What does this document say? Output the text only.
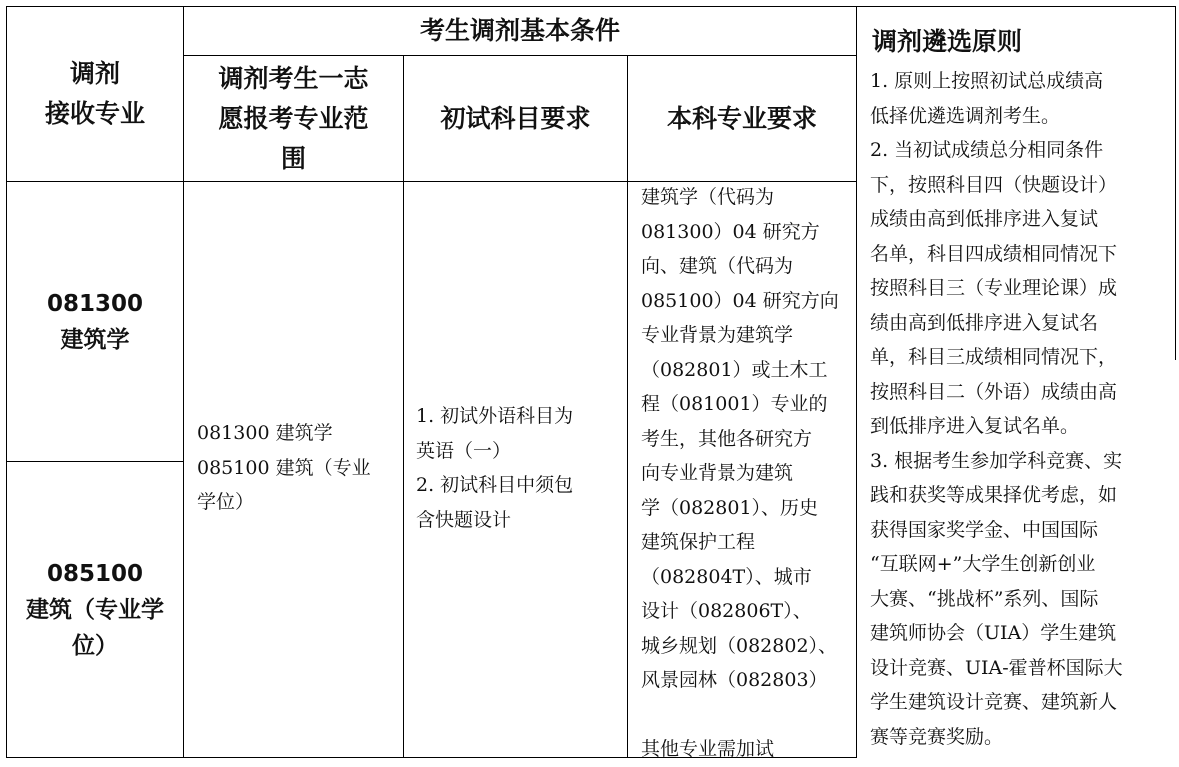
调剂
接收专业
考生调剂基本条件
调剂考生一志
愿报考专业范
围
初试科目要求	本科专业要求
081300
建筑学
085100
建筑（专业学
位）
081300 建筑学
085100 建筑（专业
学位）
1. 初试外语科目为
英语（一）
2. 初试科目中须包
含快题设计
建筑学（代码为
081300）04 研究方
向、建筑（代码为
085100）04 研究方向
专业背景为建筑学
（082801）或土木工
程（081001）专业的
考生，其他各研究方
向专业背景为建筑
学（082801）、历史
建筑保护工程
（082804T）、城市
设计（082806T）、
城乡规划（082802）、
风景园林（082803）
其他专业需加试
调剂遴选原则
1. 原则上按照初试总成绩高
低择优遴选调剂考生。
2. 当初试成绩总分相同条件
下，按照科目四（快题设计）
成绩由高到低排序进入复试
名单，科目四成绩相同情况下
按照科目三（专业理论课）成
绩由高到低排序进入复试名
单，科目三成绩相同情况下，
按照科目二（外语）成绩由高
到低排序进入复试名单。
3. 根据考生参加学科竞赛、实
践和获奖等成果择优考虑，如
获得国家奖学金、中国国际
“互联网+”大学生创新创业
大赛、“挑战杯”系列、国际
建筑师协会（UIA）学生建筑
设计竞赛、UIA-霍普杯国际大
学生建筑设计竞赛、建筑新人
赛等竞赛奖励。
